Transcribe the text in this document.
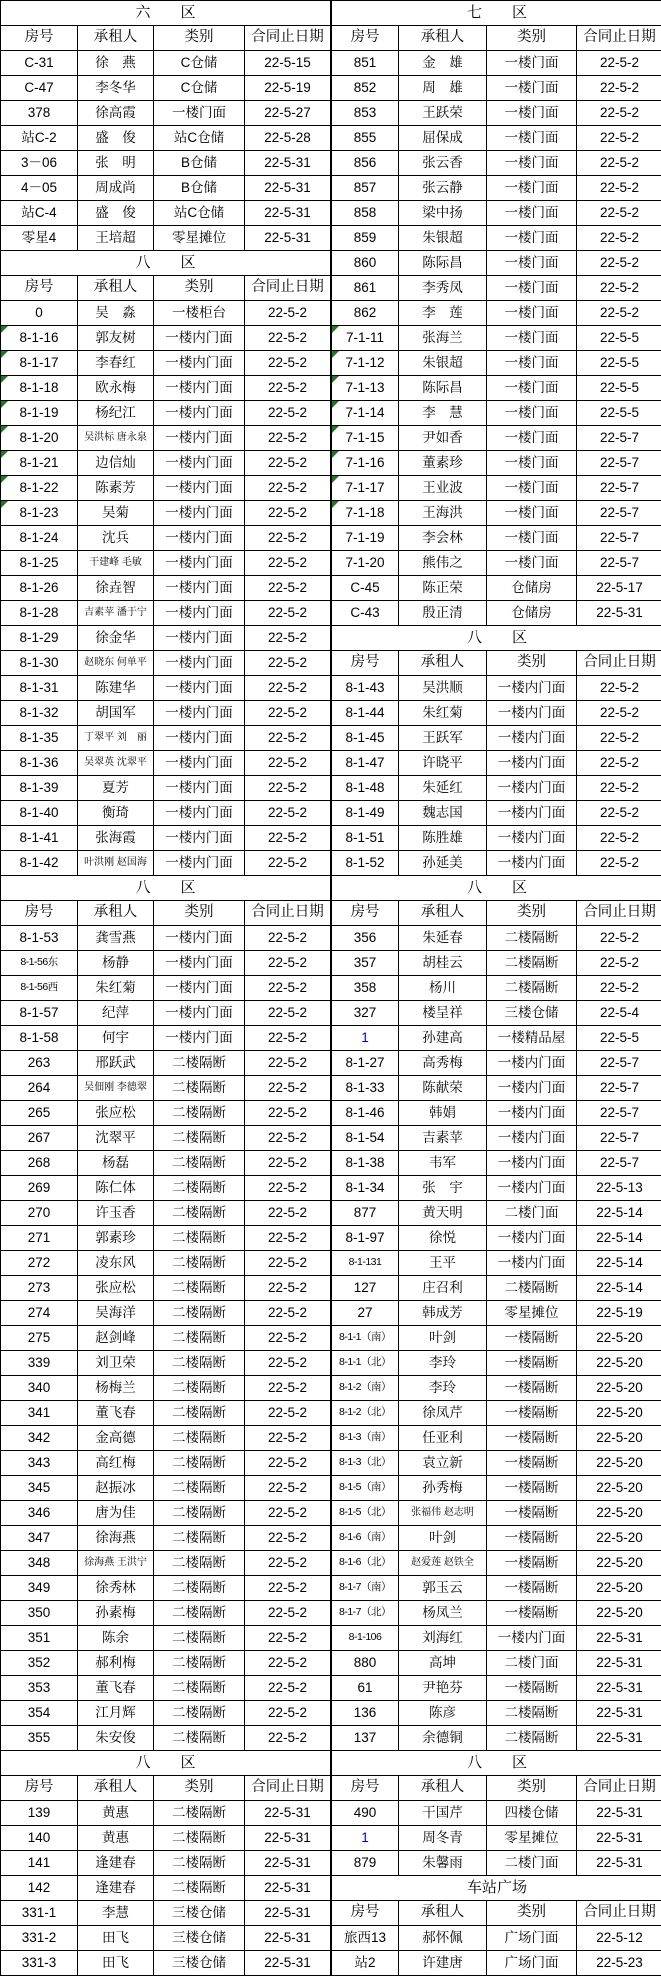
六　　区			
房号	承租人	类别	合同止日期
C-31	徐　燕	C仓储	22-5-15
C-47	李冬华	C仓储	22-5-19
378	徐高霞	一楼门面	22-5-27
站C-2	盛　俊	站C仓储	22-5-28
3－06	张　明	B仓储	22-5-31
4－05	周成尚	B仓储	22-5-31
站C-4	盛　俊	站C仓储	22-5-31
零星4	王培超	零星摊位	22-5-31
八　　区			
房号	承租人	类别	合同止日期
0	吴　淼	一楼柜台	22-5-2

8-1-16	郭友树	一楼内门面	22-5-2

8-1-17	李春红	一楼内门面	22-5-2

8-1-18	欧永梅	一楼内门面	22-5-2

8-1-19	杨纪江	一楼内门面	22-5-2

8-1-20	吴洪标 唐永泉	一楼内门面	22-5-2

8-1-21	边信灿	一楼内门面	22-5-2

8-1-22	陈素芳	一楼内门面	22-5-2

8-1-23	吴菊	一楼内门面	22-5-2
8-1-24	沈兵	一楼内门面	22-5-2
8-1-25	干建峰 毛敏	一楼内门面	22-5-2
8-1-26	徐垚智	一楼内门面	22-5-2
8-1-28	吉素苹 潘于宁	一楼内门面	22-5-2
8-1-29	徐金华	一楼内门面	22-5-2
8-1-30	赵晓东 何单平	一楼内门面	22-5-2
8-1-31	陈建华	一楼内门面	22-5-2
8-1-32	胡国军	一楼内门面	22-5-2
8-1-35	丁翠平 刘　丽	一楼内门面	22-5-2
8-1-36	吴翠英 沈翠平	一楼内门面	22-5-2
8-1-39	夏芳	一楼内门面	22-5-2
8-1-40	衡琦	一楼内门面	22-5-2
8-1-41	张海霞	一楼内门面	22-5-2
8-1-42	叶洪刚 赵国海	一楼内门面	22-5-2
八　　区			
房号	承租人	类别	合同止日期
8-1-53	龚雪燕	一楼内门面	22-5-2
8-1-56东	杨静	一楼内门面	22-5-2
8-1-56西	朱红菊	一楼内门面	22-5-2
8-1-57	纪萍	一楼内门面	22-5-2
8-1-58	何宇	一楼内门面	22-5-2
263	邢跃武	二楼隔断	22-5-2
264	吴佃刚 李德翠	二楼隔断	22-5-2
265	张应松	二楼隔断	22-5-2
267	沈翠平	二楼隔断	22-5-2
268	杨磊	二楼隔断	22-5-2
269	陈仁体	二楼隔断	22-5-2
270	许玉香	二楼隔断	22-5-2
271	郭素珍	二楼隔断	22-5-2
272	凌东风	二楼隔断	22-5-2
273	张应松	二楼隔断	22-5-2
274	吴海洋	二楼隔断	22-5-2
275	赵剑峰	二楼隔断	22-5-2
339	刘卫荣	二楼隔断	22-5-2
340	杨梅兰	二楼隔断	22-5-2
341	董飞春	二楼隔断	22-5-2
342	金高德	二楼隔断	22-5-2
343	高红梅	二楼隔断	22-5-2
345	赵振冰	二楼隔断	22-5-2
346	唐为佳	二楼隔断	22-5-2
347	徐海燕	二楼隔断	22-5-2
348	徐海燕 王洪宁	二楼隔断	22-5-2
349	徐秀林	二楼隔断	22-5-2
350	孙素梅	二楼隔断	22-5-2
351	陈余	二楼隔断	22-5-2
352	郝利梅	二楼隔断	22-5-2
353	董飞春	二楼隔断	22-5-2
354	江月辉	二楼隔断	22-5-2
355	朱安俊	二楼隔断	22-5-2
八　　区			
房号	承租人	类别	合同止日期
139	黄惠	二楼隔断	22-5-31
140	黄惠	二楼隔断	22-5-31
141	逢建春	二楼隔断	22-5-31
142	逢建春	二楼隔断	22-5-31
331-1	李慧	三楼仓储	22-5-31
331-2	田飞	三楼仓储	22-5-31
331-3	田飞	三楼仓储	22-5-31
七　　区			
房号	承租人	类别	合同止日期
851	金　雄	一楼门面	22-5-2
852	周　雄	一楼门面	22-5-2
853	王跃荣	一楼门面	22-5-2
855	屈保成	一楼门面	22-5-2
856	张云香	一楼门面	22-5-2
857	张云静	一楼门面	22-5-2
858	梁中扬	一楼门面	22-5-2
859	朱银超	一楼门面	22-5-2
860	陈际昌	一楼门面	22-5-2
861	李秀凤	一楼门面	22-5-2
862	李　莲	一楼门面	22-5-2

7-1-11	张海兰	一楼门面	22-5-5

7-1-12	朱银超	一楼门面	22-5-5

7-1-13	陈际昌	一楼门面	22-5-5

7-1-14	李　慧	一楼门面	22-5-5

7-1-15	尹如香	一楼门面	22-5-7

7-1-16	董素珍	一楼门面	22-5-7

7-1-17	王业波	一楼门面	22-5-7

7-1-18	王海洪	一楼门面	22-5-7
7-1-19	李会林	一楼门面	22-5-7
7-1-20	熊伟之	一楼门面	22-5-7
C-45	陈正荣	仓储房	22-5-17
C-43	殷正清	仓储房	22-5-31
八　　区			
房号	承租人	类别	合同止日期
8-1-43	吴洪顺	一楼内门面	22-5-2
8-1-44	朱红菊	一楼内门面	22-5-2
8-1-45	王跃军	一楼内门面	22-5-2
8-1-47	许晓平	一楼内门面	22-5-2
8-1-48	朱延红	一楼内门面	22-5-2
8-1-49	魏志国	一楼内门面	22-5-2
8-1-51	陈胜雄	一楼内门面	22-5-2
8-1-52	孙延美	一楼内门面	22-5-2
八　　区			
房号	承租人	类别	合同止日期
356	朱延春	二楼隔断	22-5-2
357	胡桂云	二楼隔断	22-5-2
358	杨川	二楼隔断	22-5-2
327	楼呈祥	三楼仓储	22-5-4
1	孙建高	一楼精品屋	22-5-5
8-1-27	高秀梅	一楼内门面	22-5-7
8-1-33	陈献荣	一楼内门面	22-5-7
8-1-46	韩娟	一楼内门面	22-5-7
8-1-54	吉素苹	一楼内门面	22-5-7
8-1-38	韦军	一楼内门面	22-5-7
8-1-34	张　宇	一楼内门面	22-5-13
877	黄天明	二楼门面	22-5-14
8-1-97	徐悦	一楼内门面	22-5-14
8-1-131	王平	一楼内门面	22-5-14
127	庄召利	二楼隔断	22-5-14
27	韩成芳	零星摊位	22-5-19
8-1-1（南）	叶剑	一楼隔断	22-5-20
8-1-1（北）	李玲	一楼隔断	22-5-20
8-1-2（南）	李玲	一楼隔断	22-5-20
8-1-2（北）	徐凤芹	一楼隔断	22-5-20
8-1-3（南）	任亚利	一楼隔断	22-5-20
8-1-3（北）	袁立新	一楼隔断	22-5-20
8-1-5（南）	孙秀梅	一楼隔断	22-5-20
8-1-5（北）	张福伟 赵志明	一楼隔断	22-5-20
8-1-6（南）	叶剑	一楼隔断	22-5-20
8-1-6（北）	赵爱莲 赵铁全	一楼隔断	22-5-20
8-1-7（南）	郭玉云	一楼隔断	22-5-20
8-1-7（北）	杨凤兰	一楼隔断	22-5-20
8-1-106	刘海红	一楼内门面	22-5-31
880	高坤	二楼门面	22-5-31
61	尹艳芬	一楼隔断	22-5-31
136	陈彦	二楼隔断	22-5-31
137	余德铜	二楼隔断	22-5-31
八　　区			
房号	承租人	类别	合同止日期
490	干国芹	四楼仓储	22-5-31
1	周冬青	零星摊位	22-5-31
879	朱馨雨	二楼门面	22-5-31
车站广场			
房号	承租人	类别	合同止日期
旅西13	郝怀佩	广场门面	22-5-12
站2	许建唐	广场门面	22-5-23
